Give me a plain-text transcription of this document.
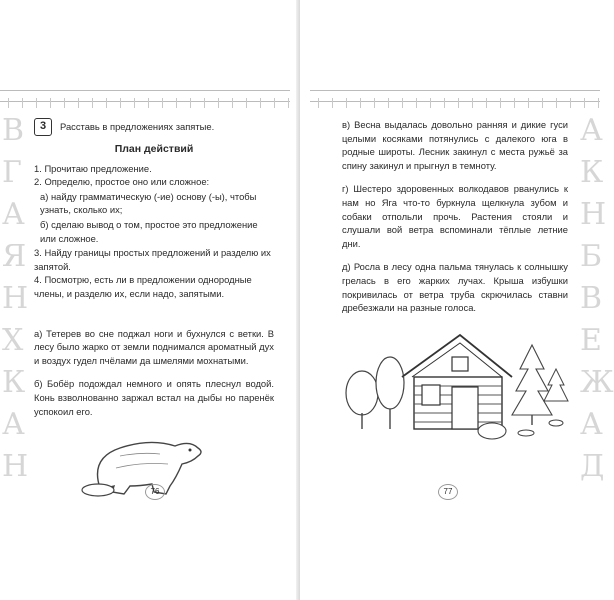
В
Г
А
Я
Н
Х
К
А
Н
3	Расставь в предложениях запятые.
План действий
1. Прочитаю предложение.
2. Определю, простое оно или сложное:
а) найду грамматическую (-ие) основу (-ы), чтобы узнать, сколько их;
б) сделаю вывод о том, простое это предложение или сложное.
3. Найду границы простых предложений и разделю их запятой.
4. Посмотрю, есть ли в предложении однородные члены, и разделю их, если надо, запятыми.

а) Тетерев во сне поджал ноги и бухнулся с ветки. В лесу было жарко от земли поднимался ароматный дух и воздух гудел пчёлами да шмелями мохнатыми.

б) Бобёр подождал немного и опять плеснул водой. Конь взволнованно заржал встал на дыбы но паренёк успокоил его.

76
А
К
Н
Б
В
Е
Ж
А
Д

в) Весна выдалась довольно ранняя и дикие гуси целыми косяками потянулись с далекого юга в родные широты. Лесник закинул с места ружьё за спину закинул и прыгнул в темноту.

г) Шестеро здоровенных волкодавов рванулись к нам но Яга что-то буркнула щелкнула зубом и собаки отпольли прочь. Растения стояли и слушали вой ветра вспоминали тёплые летние дни.

д) Росла в лесу одна пальма тянулась к солнышку грелась в его жарких лучах. Крыша избушки покривилась от ветра труба скрючилась ставни дребезжали на разные голоса.

77
